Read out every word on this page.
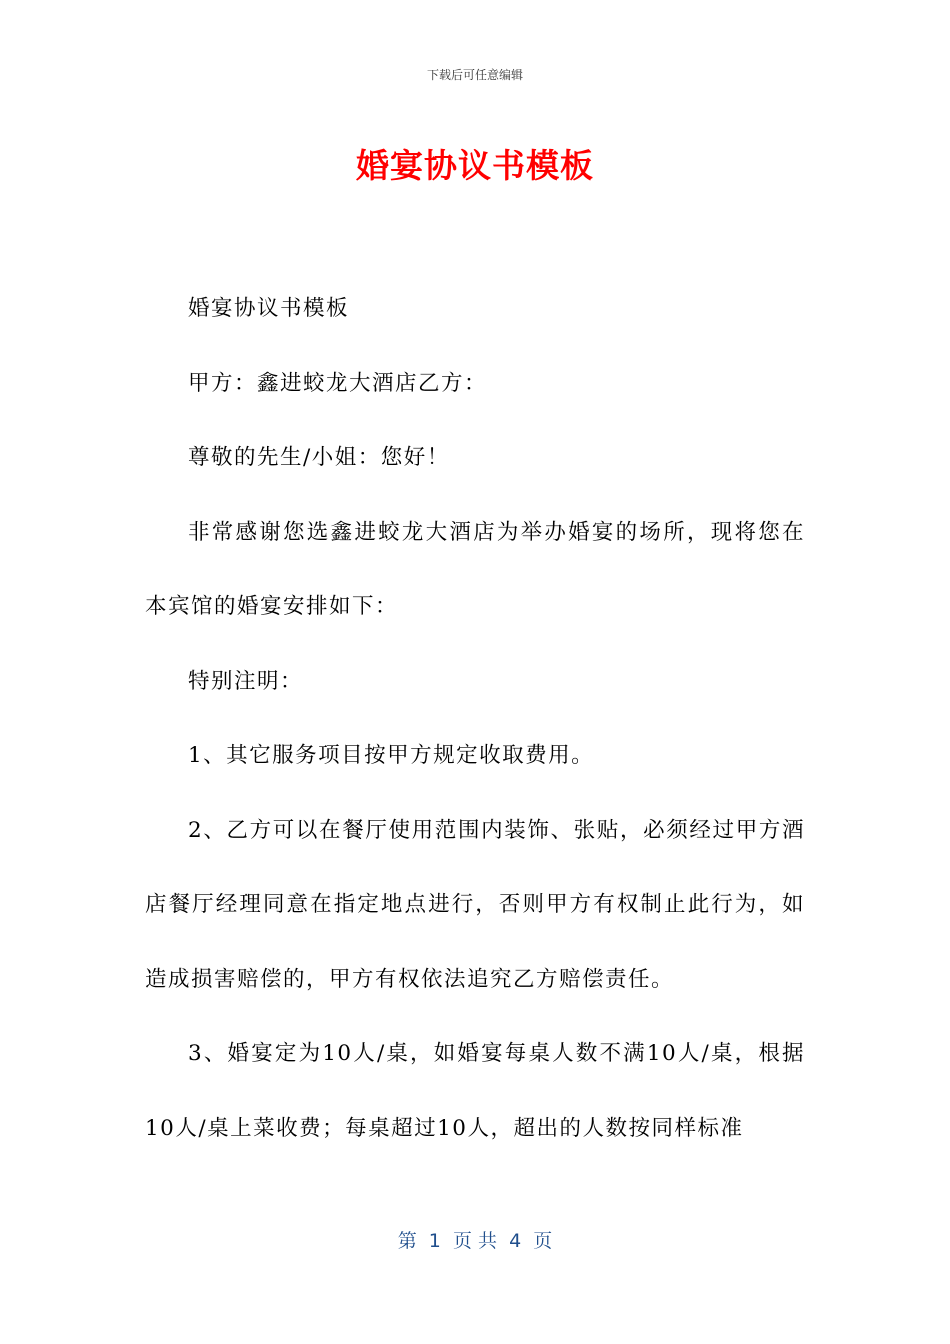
下载后可任意编辑
婚宴协议书模板

婚宴协议书模板

甲方：鑫进蛟龙大酒店乙方：

尊敬的先生/小姐：您好！

非常感谢您选鑫进蛟龙大酒店为举办婚宴的场所，现将您在本宾馆的婚宴安排如下：

特别注明：

1、其它服务项目按甲方规定收取费用。

2、乙方可以在餐厅使用范围内装饰、张贴，必须经过甲方酒店餐厅经理同意在指定地点进行，否则甲方有权制止此行为，如造成损害赔偿的，甲方有权依法追究乙方赔偿责任。

3、婚宴定为10人/桌，如婚宴每桌人数不满10人/桌，根据10人/桌上菜收费；每桌超过10人，超出的人数按同样标准

第  1  页 共  4  页
